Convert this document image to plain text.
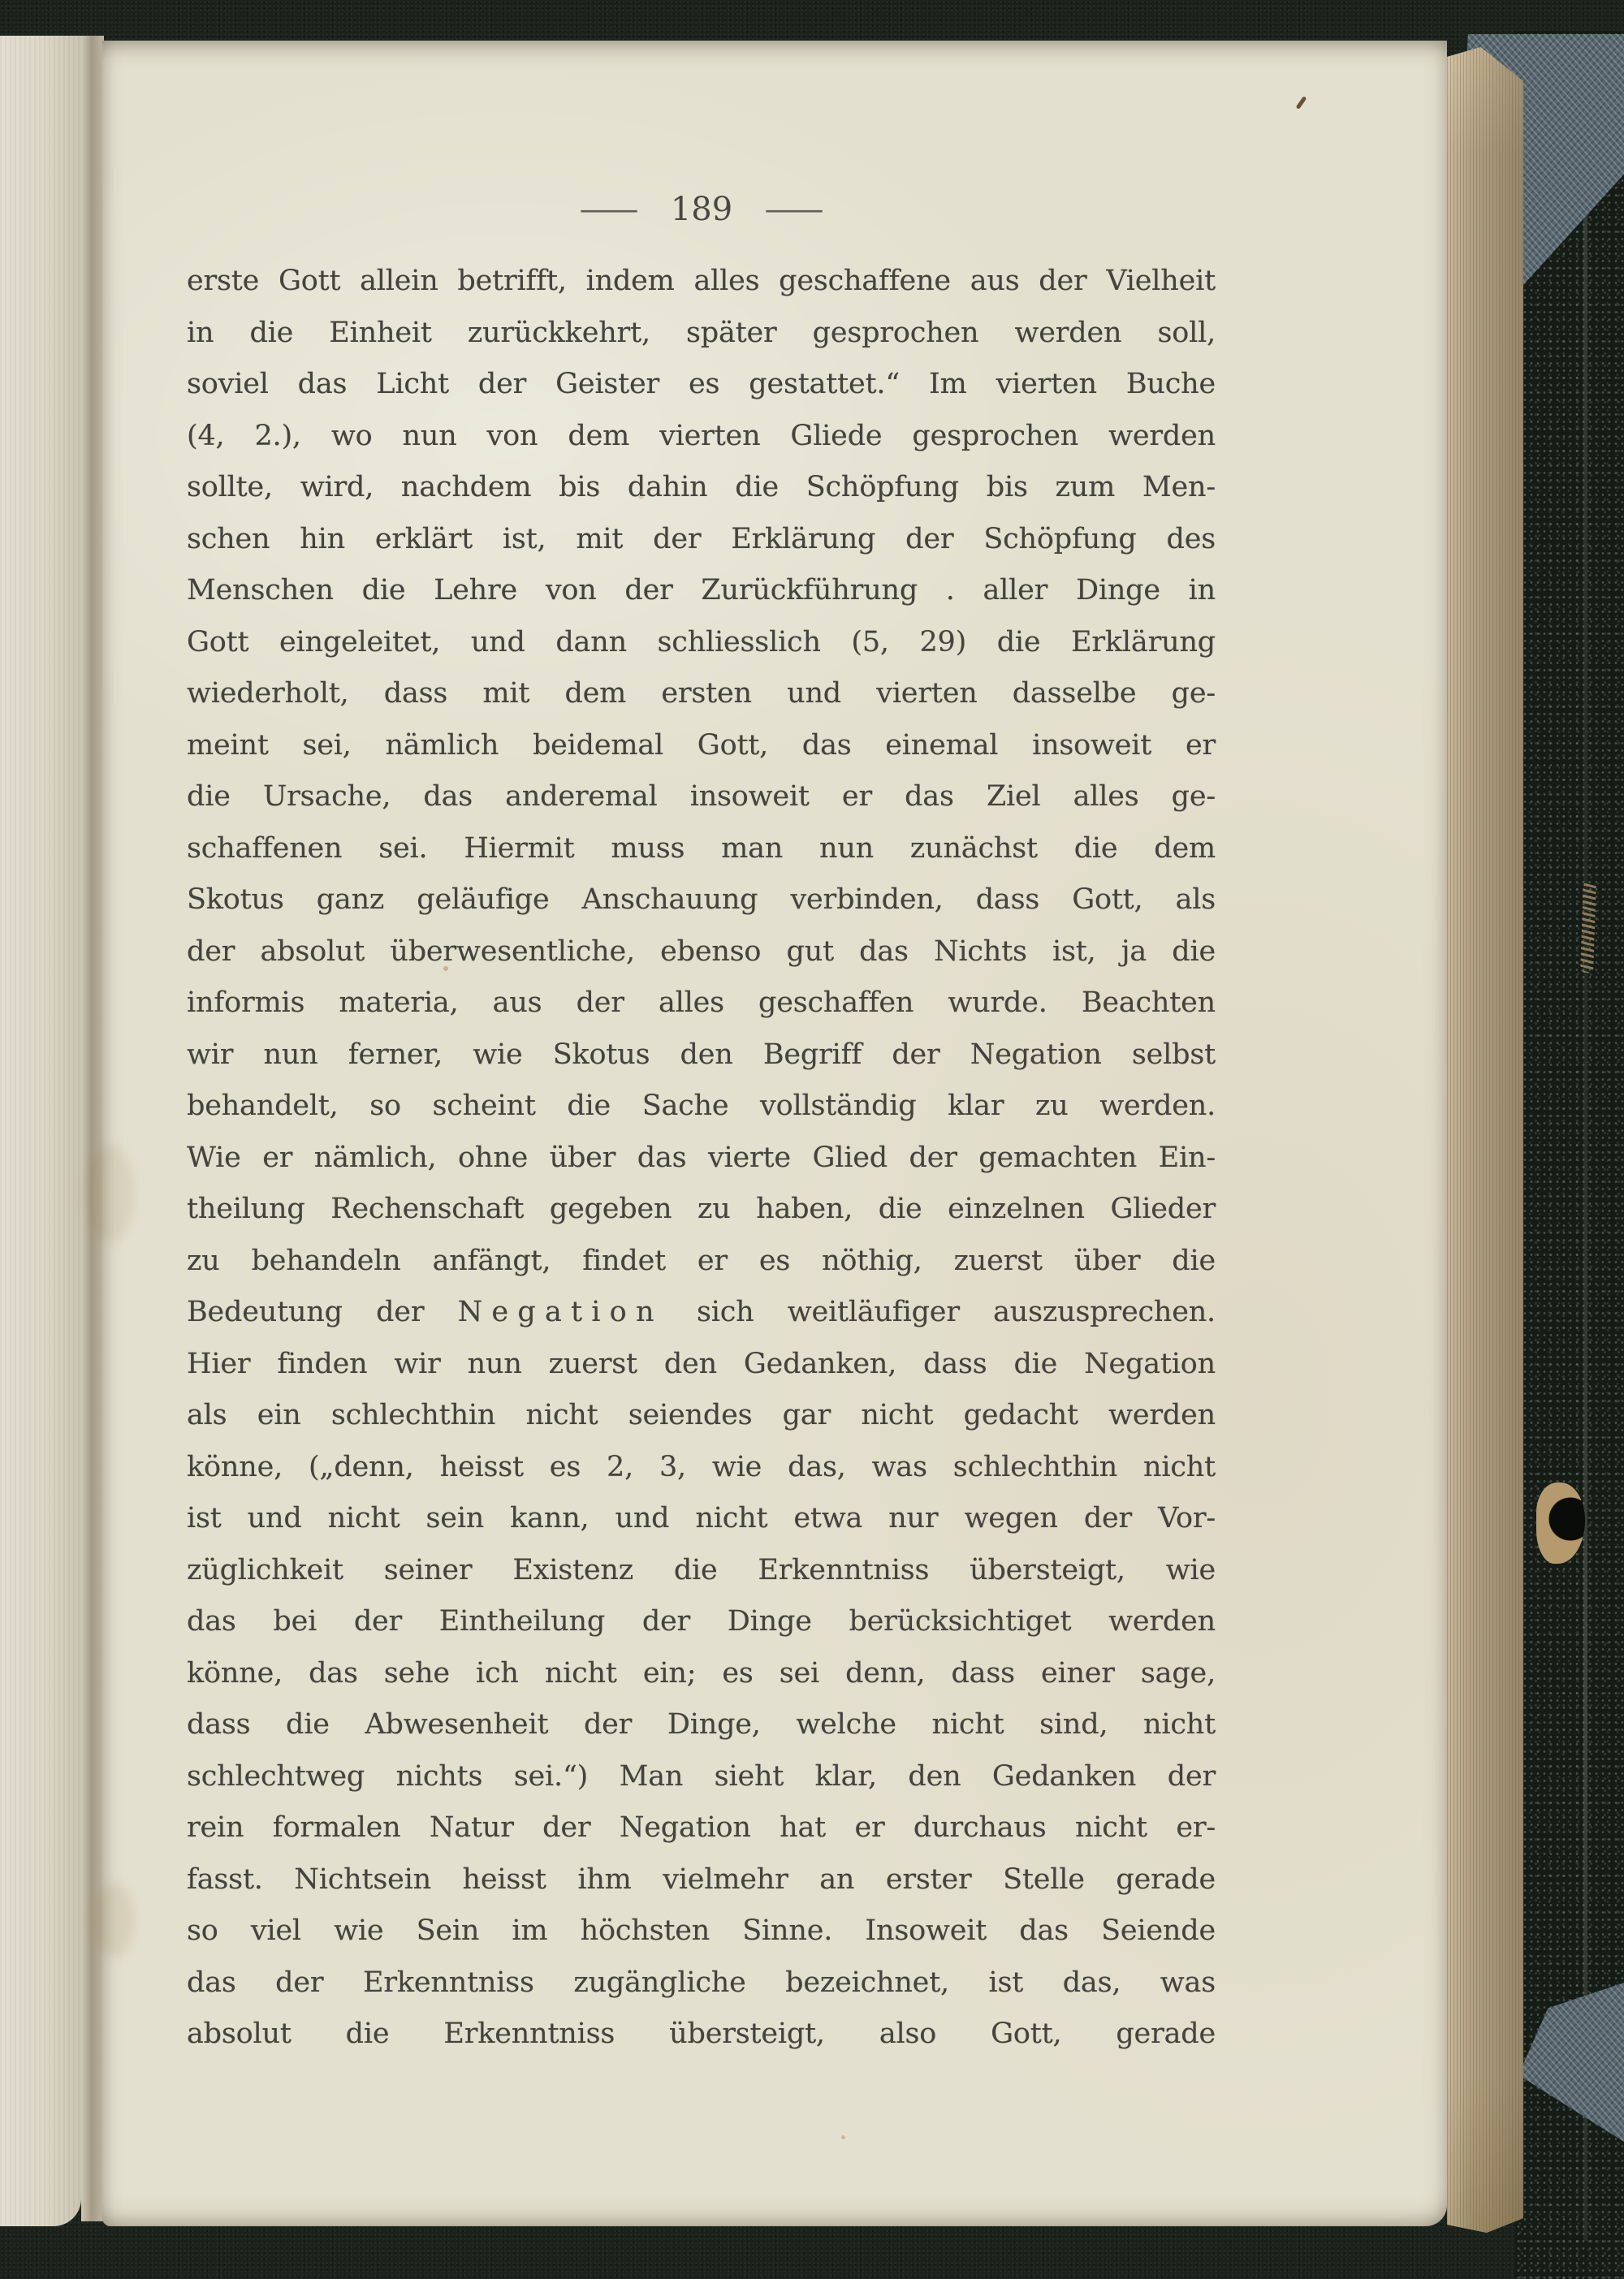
— 189 —
erste Gott allein betrifft, indem alles geschaffene aus der Vielheit
in die Einheit zurückkehrt, später gesprochen werden soll,
soviel das Licht der Geister es gestattet.“ Im vierten Buche
(4, 2.), wo nun von dem vierten Gliede gesprochen werden
sollte, wird, nachdem bis dahin die Schöpfung bis zum Men-
schen hin erklärt ist, mit der Erklärung der Schöpfung des
Menschen die Lehre von der Zurückführung . aller Dinge in
Gott eingeleitet, und dann schliesslich (5, 29) die Erklärung
wiederholt, dass mit dem ersten und vierten dasselbe ge-
meint sei, nämlich beidemal Gott, das einemal insoweit er
die Ursache, das anderemal insoweit er das Ziel alles ge-
schaffenen sei. Hiermit muss man nun zunächst die dem
Skotus ganz geläufige Anschauung verbinden, dass Gott, als
der absolut überwesentliche, ebenso gut das Nichts ist, ja die
informis materia, aus der alles geschaffen wurde. Beachten
wir nun ferner, wie Skotus den Begriff der Negation selbst
behandelt, so scheint die Sache vollständig klar zu werden.
Wie er nämlich, ohne über das vierte Glied der gemachten Ein-
theilung Rechenschaft gegeben zu haben, die einzelnen Glieder
zu behandeln anfängt, findet er es nöthig, zuerst über die
Bedeutung der Negation sich weitläufiger auszusprechen.
Hier finden wir nun zuerst den Gedanken, dass die Negation
als ein schlechthin nicht seiendes gar nicht gedacht werden
könne, („denn, heisst es 2, 3, wie das, was schlechthin nicht
ist und nicht sein kann, und nicht etwa nur wegen der Vor-
züglichkeit seiner Existenz die Erkenntniss übersteigt, wie
das bei der Eintheilung der Dinge berücksichtiget werden
könne, das sehe ich nicht ein; es sei denn, dass einer sage,
dass die Abwesenheit der Dinge, welche nicht sind, nicht
schlechtweg nichts sei.“) Man sieht klar, den Gedanken der
rein formalen Natur der Negation hat er durchaus nicht er-
fasst. Nichtsein heisst ihm vielmehr an erster Stelle gerade
so viel wie Sein im höchsten Sinne. Insoweit das Seiende
das der Erkenntniss zugängliche bezeichnet, ist das, was
absolut die Erkenntniss übersteigt, also Gott, gerade
